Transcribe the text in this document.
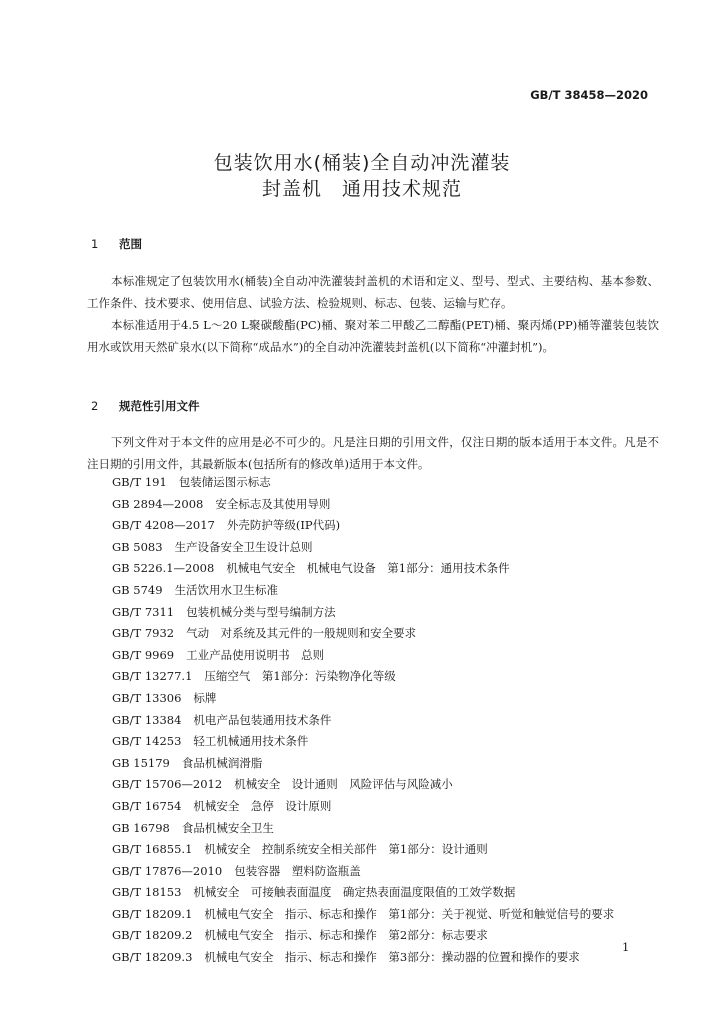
GB/T 38458—2020
包装饮用水(桶装)全自动冲洗灌装
封盖机　通用技术规范
1 范围

本标准规定了包装饮用水(桶装)全自动冲洗灌装封盖机的术语和定义、型号、型式、主要结构、基本参数、工作条件、技术要求、使用信息、试验方法、检验规则、标志、包装、运输与贮存。

本标准适用于4.5 L～20 L聚碳酸酯(PC)桶、聚对苯二甲酸乙二醇酯(PET)桶、聚丙烯(PP)桶等灌装包装饮用水或饮用天然矿泉水(以下简称“成品水”)的全自动冲洗灌装封盖机(以下简称“冲灌封机”)。

2 规范性引用文件

下列文件对于本文件的应用是必不可少的。凡是注日期的引用文件，仅注日期的版本适用于本文件。凡是不注日期的引用文件，其最新版本(包括所有的修改单)适用于本文件。

GB/T 191 包装储运图示标志
GB 2894—2008 安全标志及其使用导则
GB/T 4208—2017 外壳防护等级(IP代码)
GB 5083 生产设备安全卫生设计总则
GB 5226.1—2008 机械电气安全　机械电气设备　第1部分：通用技术条件
GB 5749 生活饮用水卫生标准
GB/T 7311 包装机械分类与型号编制方法
GB/T 7932 气动　对系统及其元件的一般规则和安全要求
GB/T 9969 工业产品使用说明书　总则
GB/T 13277.1 压缩空气　第1部分：污染物净化等级
GB/T 13306 标牌
GB/T 13384 机电产品包装通用技术条件
GB/T 14253 轻工机械通用技术条件
GB 15179 食品机械润滑脂
GB/T 15706—2012 机械安全　设计通则　风险评估与风险减小
GB/T 16754 机械安全　急停　设计原则
GB 16798 食品机械安全卫生
GB/T 16855.1 机械安全　控制系统安全相关部件　第1部分：设计通则
GB/T 17876—2010 包装容器　塑料防盗瓶盖
GB/T 18153 机械安全　可接触表面温度　确定热表面温度限值的工效学数据
GB/T 18209.1 机械电气安全　指示、标志和操作　第1部分：关于视觉、听觉和触觉信号的要求
GB/T 18209.2 机械电气安全　指示、标志和操作　第2部分：标志要求
GB/T 18209.3 机械电气安全　指示、标志和操作　第3部分：操动器的位置和操作的要求
1
